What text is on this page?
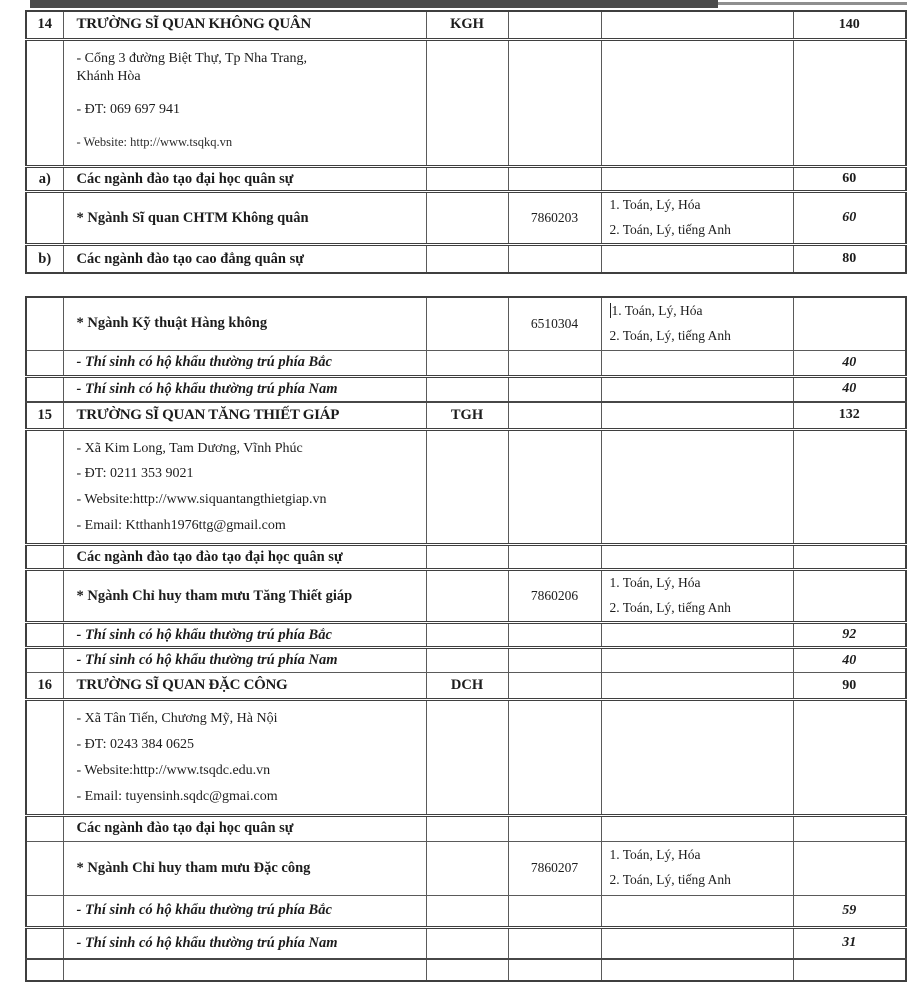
14	TRƯỜNG SĨ QUAN KHÔNG QUÂN	KGH			140

	- Cổng 3 đường Biệt Thự, Tp Nha Trang, Khánh Hòa

- ĐT: 069 697 941

- Website: http://www.tsqkq.vn				

a)	Các ngành đào tạo đại học quân sự				60
	* Ngành Sĩ quan CHTM Không quân		7860203	1. Toán, Lý, Hóa
2. Toán, Lý, tiếng Anh	60
b)	Các ngành đào tạo cao đẳng quân sự				80
	* Ngành Kỹ thuật Hàng không		6510304	1. Toán, Lý, Hóa
2. Toán, Lý, tiếng Anh	

	- Thí sinh có hộ khẩu thường trú phía Bắc				40
	- Thí sinh có hộ khẩu thường trú phía Nam				40
15	TRƯỜNG SĨ QUAN TĂNG THIẾT GIÁP	TGH			132

	- Xã Kim Long, Tam Dương, Vĩnh Phúc

- ĐT: 0211 353 9021

- Website:http://www.siquantangthietgiap.vn

- Email: Ktthanh1976ttg@gmail.com				

	Các ngành đào tạo đào tạo đại học quân sự				
	* Ngành Chỉ huy tham mưu Tăng Thiết giáp		7860206	1. Toán, Lý, Hóa
2. Toán, Lý, tiếng Anh	

	- Thí sinh có hộ khẩu thường trú phía Bắc				92
	- Thí sinh có hộ khẩu thường trú phía Nam				40
16	TRƯỜNG SĨ QUAN ĐẶC CÔNG	DCH			90

	- Xã Tân Tiến, Chương Mỹ, Hà Nội

- ĐT: 0243 384 0625

- Website:http://www.tsqdc.edu.vn

- Email: tuyensinh.sqdc@gmai.com				

	Các ngành đào tạo đại học quân sự				
	* Ngành Chỉ huy tham mưu Đặc công		7860207	1. Toán, Lý, Hóa
2. Toán, Lý, tiếng Anh	

	- Thí sinh có hộ khẩu thường trú phía Bắc				59
	- Thí sinh có hộ khẩu thường trú phía Nam				31
